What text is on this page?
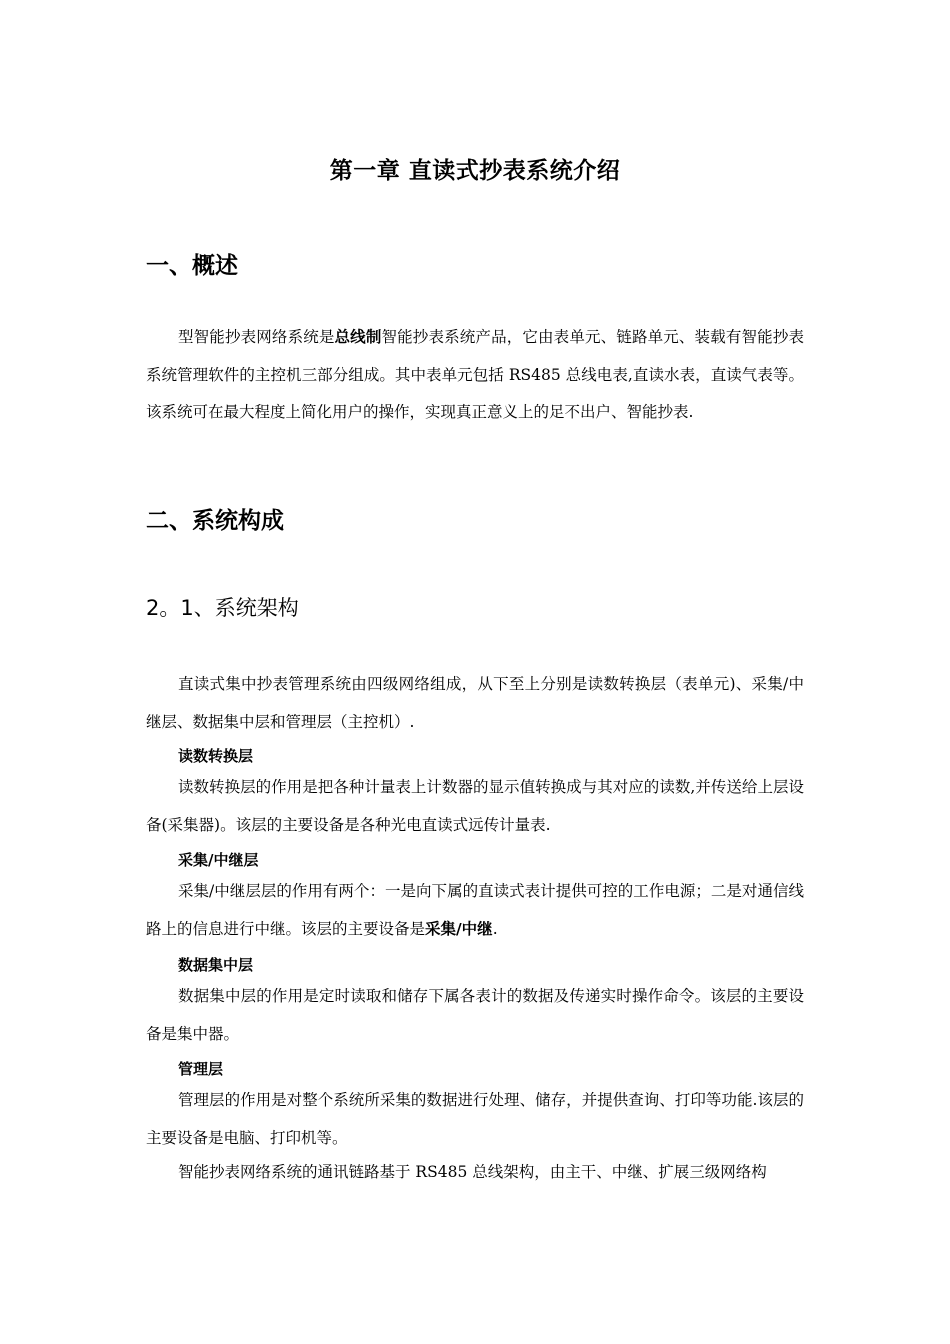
第一章 直读式抄表系统介绍
一、概述
型智能抄表网络系统是总线制智能抄表系统产品，它由表单元、链路单元、装载有智能抄表系统管理软件的主控机三部分组成。其中表单元包括 RS485 总线电表,直读水表，直读气表等。该系统可在最大程度上简化用户的操作，实现真正意义上的足不出户、智能抄表.
二、系统构成
2。1、系统架构
直读式集中抄表管理系统由四级网络组成，从下至上分别是读数转换层（表单元)、采集/中继层、数据集中层和管理层（主控机）.
读数转换层
读数转换层的作用是把各种计量表上计数器的显示值转换成与其对应的读数,并传送给上层设备(采集器)。该层的主要设备是各种光电直读式远传计量表.
采集/中继层
采集/中继层层的作用有两个：一是向下属的直读式表计提供可控的工作电源；二是对通信线路上的信息进行中继。该层的主要设备是采集/中继.
数据集中层
数据集中层的作用是定时读取和储存下属各表计的数据及传递实时操作命令。该层的主要设备是集中器。
管理层
管理层的作用是对整个系统所采集的数据进行处理、储存，并提供查询、打印等功能.该层的主要设备是电脑、打印机等。
智能抄表网络系统的通讯链路基于 RS485 总线架构，由主干、中继、扩展三级网络构
